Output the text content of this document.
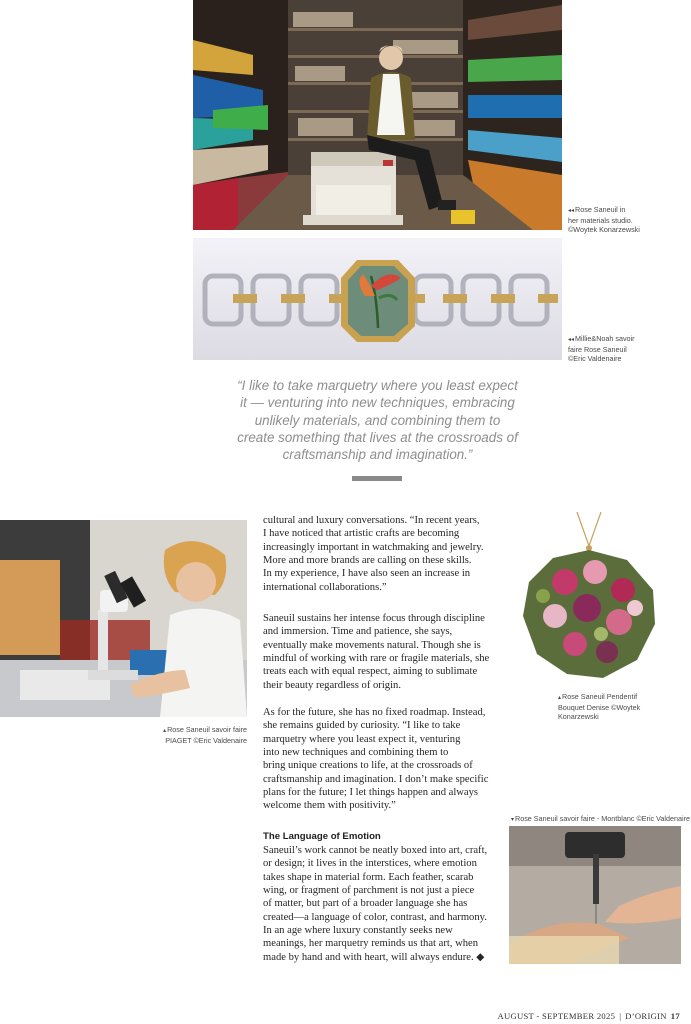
◂◂Rose Saneuil in
her materials studio.
©Woytek Konarzewski
◂◂Millie&Noah savoir
faire Rose Saneuil
©Eric Valdenaire
“I like to take marquetry where you least expect
it — venturing into new techniques, embracing
unlikely materials, and combining them to
create something that lives at the crossroads of
craftsmanship and imagination.”
▴Rose Saneuil savoir faire
PIAGET ©Eric Valdenaire
cultural and luxury conversations. “In recent years,
I have noticed that artistic crafts are becoming
increasingly important in watchmaking and jewelry.
More and more brands are calling on these skills.
In my experience, I have also seen an increase in
international collaborations.”
Saneuil sustains her intense focus through discipline
and immersion. Time and patience, she says,
eventually make movements natural. Though she is
mindful of working with rare or fragile materials, she
treats each with equal respect, aiming to sublimate
their beauty regardless of origin.
As for the future, she has no fixed roadmap. Instead,
she remains guided by curiosity. “I like to take
marquetry where you least expect it, venturing
into new techniques and combining them to
bring unique creations to life, at the crossroads of
craftsmanship and imagination. I don’t make specific
plans for the future; I let things happen and always
welcome them with positivity.”
The Language of Emotion
Saneuil’s work cannot be neatly boxed into art, craft,
or design; it lives in the interstices, where emotion
takes shape in material form. Each feather, scarab
wing, or fragment of parchment is not just a piece
of matter, but part of a broader language she has
created—a language of color, contrast, and harmony.
In an age where luxury constantly seeks new
meanings, her marquetry reminds us that art, when
made by hand and with heart, will always endure. ◆
▴Rose Saneuil Pendentif
Bouquet Denise ©Woytek
Konarzewski
▾Rose Saneuil savoir faire - Montblanc ©Eric Valdenaire
AUGUST - SEPTEMBER 2025 | D’ORIGIN 17
